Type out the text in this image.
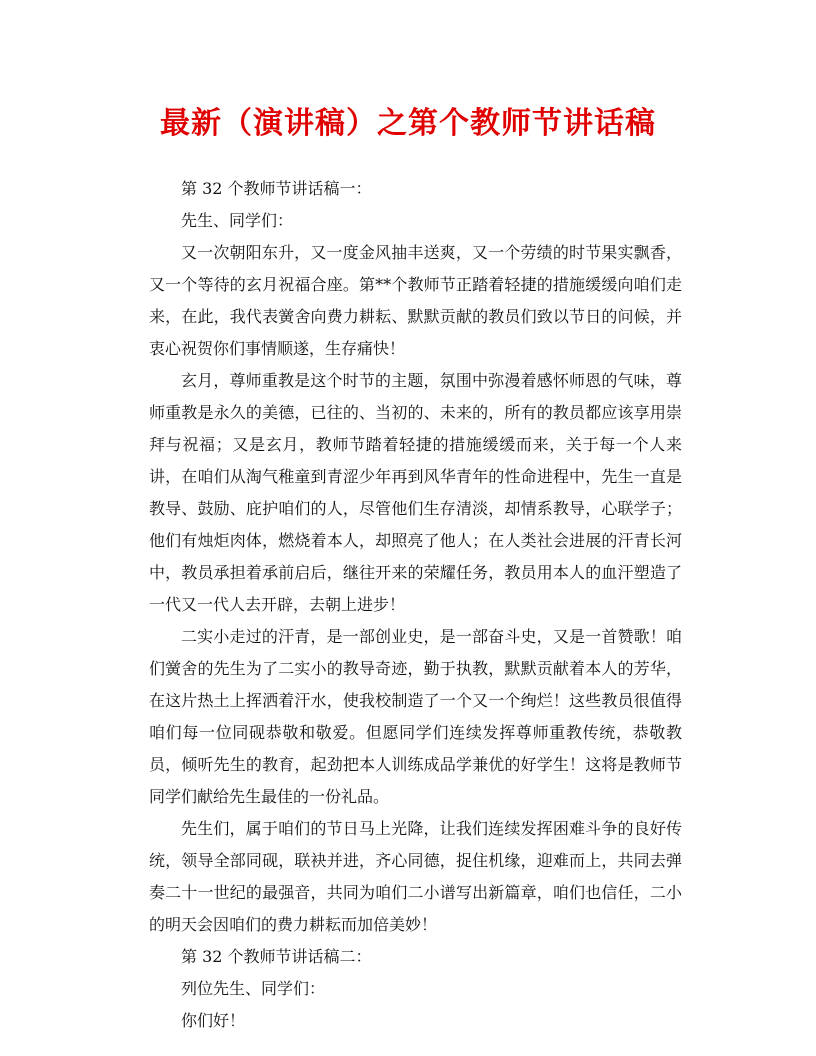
最新（演讲稿）之第个教师节讲话稿

第 32 个教师节讲话稿一：

先生、同学们：

又一次朝阳东升，又一度金风抽丰送爽，又一个劳绩的时节果实飘香，又一个等待的玄月祝福合座。第**个教师节正踏着轻捷的措施缓缓向咱们走来，在此，我代表黉舍向费力耕耘、默默贡献的教员们致以节日的问候，并衷心祝贺你们事情顺遂，生存痛快！

玄月，尊师重教是这个时节的主题，氛围中弥漫着感怀师恩的气味，尊师重教是永久的美德，已往的、当初的、未来的，所有的教员都应该享用崇拜与祝福；又是玄月，教师节踏着轻捷的措施缓缓而来，关于每一个人来讲，在咱们从淘气稚童到青涩少年再到风华青年的性命进程中，先生一直是教导、鼓励、庇护咱们的人，尽管他们生存清淡，却情系教导，心联学子；他们有烛炬肉体，燃烧着本人，却照亮了他人；在人类社会进展的汗青长河中，教员承担着承前启后，继往开来的荣耀任务，教员用本人的血汗塑造了一代又一代人去开辟，去朝上进步！

二实小走过的汗青，是一部创业史，是一部奋斗史，又是一首赞歌！咱们黉舍的先生为了二实小的教导奇迹，勤于执教，默默贡献着本人的芳华，在这片热土上挥洒着汗水，使我校制造了一个又一个绚烂！这些教员很值得咱们每一位同砚恭敬和敬爱。但愿同学们连续发挥尊师重教传统，恭敬教员，倾听先生的教育，起劲把本人训练成品学兼优的好学生！这将是教师节同学们献给先生最佳的一份礼品。

先生们，属于咱们的节日马上光降，让我们连续发挥困难斗争的良好传统，领导全部同砚，联袂并进，齐心同德，捉住机缘，迎难而上，共同去弹奏二十一世纪的最强音，共同为咱们二小谱写出新篇章，咱们也信任，二小的明天会因咱们的费力耕耘而加倍美妙！

第 32 个教师节讲话稿二：

列位先生、同学们：

你们好！
